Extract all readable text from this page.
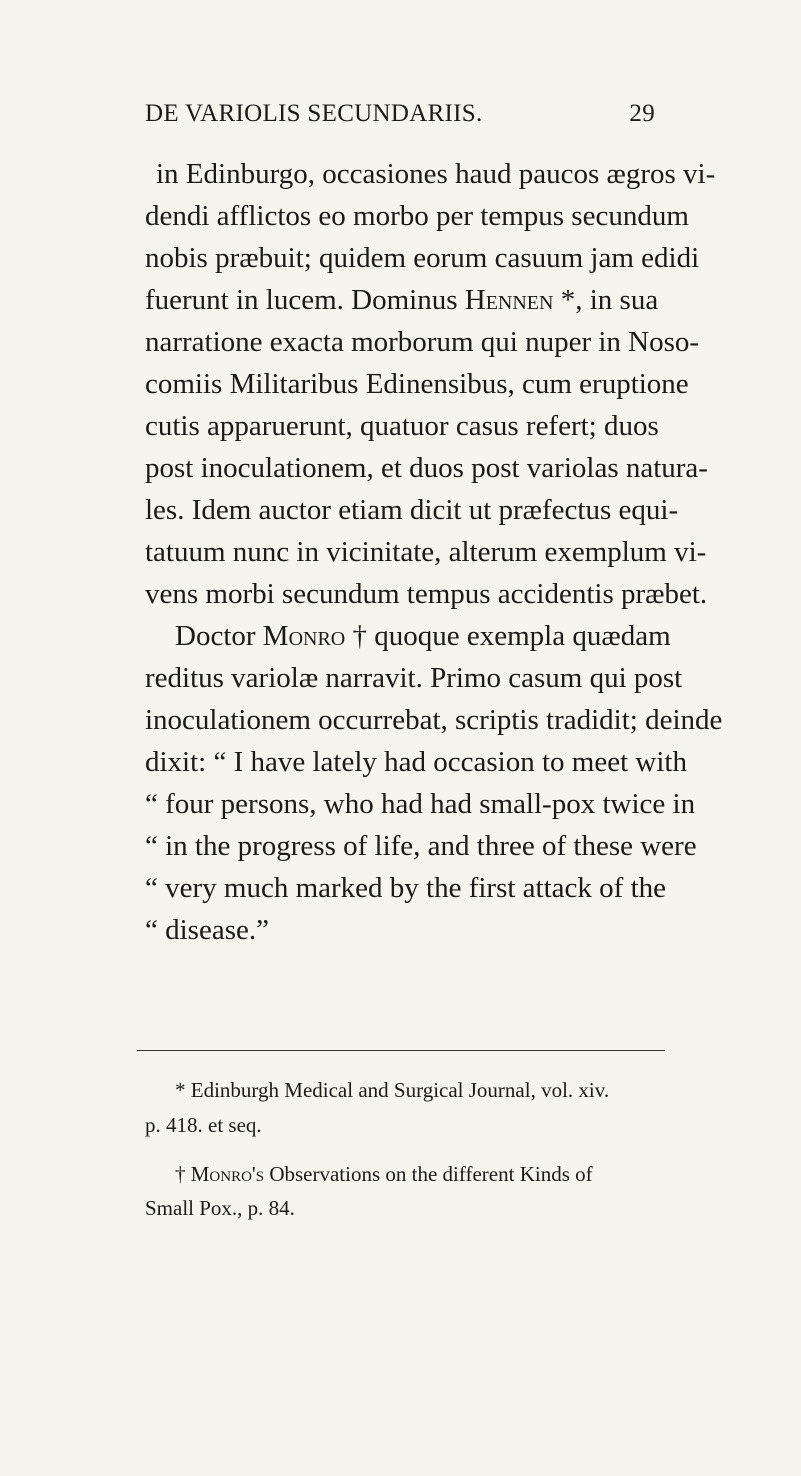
DE VARIOLIS SECUNDARIIS.	29
in Edinburgo, occasiones haud paucos ægros vi-
dendi afflictos eo morbo per tempus secundum
nobis præbuit; quidem eorum casuum jam edidi
fuerunt in lucem. Dominus Hennen *, in sua
narratione exacta morborum qui nuper in Noso-
comiis Militaribus Edinensibus, cum eruptione
cutis apparuerunt, quatuor casus refert; duos
post inoculationem, et duos post variolas natura-
les. Idem auctor etiam dicit ut præfectus equi-
tatuum nunc in vicinitate, alterum exemplum vi-
vens morbi secundum tempus accidentis præbet.
Doctor Monro † quoque exempla quædam
reditus variolæ narravit. Primo casum qui post
inoculationem occurrebat, scriptis tradidit; deinde
dixit: “ I have lately had occasion to meet with
“ four persons, who had had small-pox twice in
“ in the progress of life, and three of these were
“ very much marked by the first attack of the
“ disease.”
* Edinburgh Medical and Surgical Journal, vol. xiv.
p. 418. et seq.
† Monro's Observations on the different Kinds of
Small Pox., p. 84.
